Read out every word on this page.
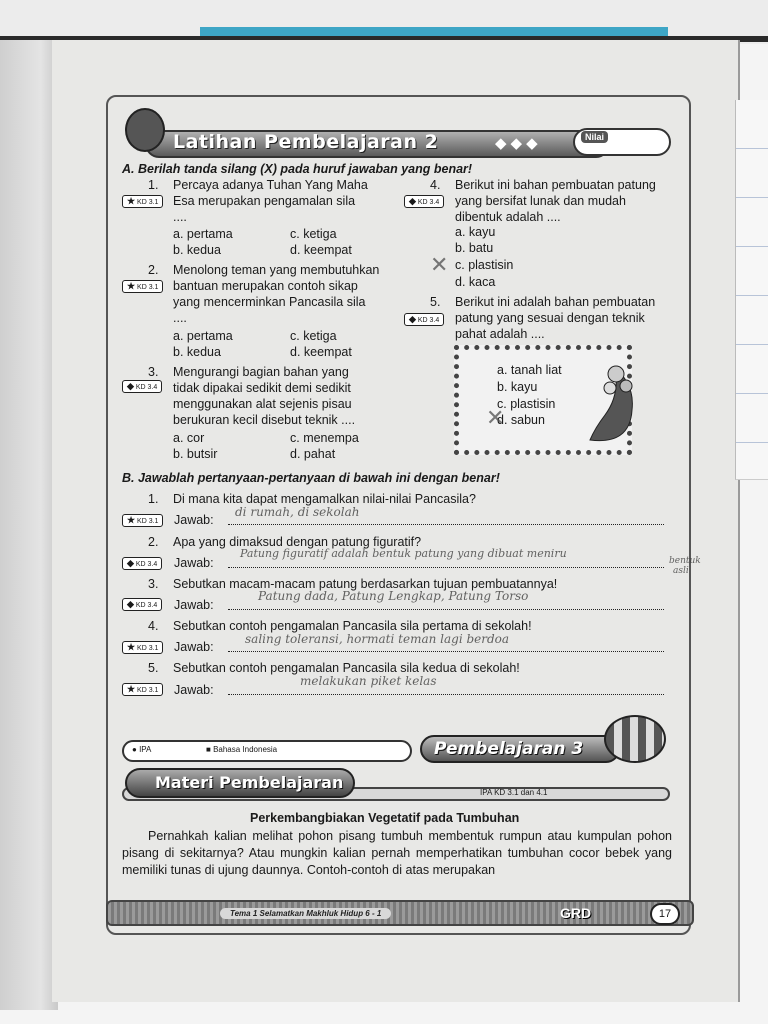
Latihan Pembelajaran 2	◆◆◆	Nilai
A. Berilah tanda silang (X) pada huruf jawaban yang benar!
1.
★ KD 3.1
Percaya adanya Tuhan Yang Maha
Esa merupakan pengamalan sila
....
a. pertama	c. ketiga
b. kedua	d. keempat
2.
★ KD 3.1
Menolong teman yang membutuhkan
bantuan merupakan contoh sikap
yang mencerminkan Pancasila sila
....
a. pertama	c. ketiga
b. kedua	d. keempat
3.
◆ KD 3.4
Mengurangi bagian bahan yang
tidak dipakai sedikit demi sedikit
menggunakan alat sejenis pisau
berukuran kecil disebut teknik ....
a. cor	c. menempa
b. butsir	d. pahat
4.
◆ KD 3.4
Berikut ini bahan pembuatan patung
yang bersifat lunak dan mudah
dibentuk adalah ....
a. kayu
b. batu
c. plastisin
d. kaca
✕
5.
◆ KD 3.4
Berikut ini adalah bahan pembuatan
patung yang sesuai dengan teknik
pahat adalah ....
a. tanah liat
b. kayu
c. plastisin
d. sabun
✕
B. Jawablah pertanyaan-pertanyaan di bawah ini dengan benar!
1. Di mana kita dapat mengamalkan nilai-nilai Pancasila?
★ KD 3.1	Jawab:
di rumah, di sekolah
2. Apa yang dimaksud dengan patung figuratif?
◆ KD 3.4	Jawab:
Patung figuratif adalah bentuk patung yang dibuat meniru
bentuk
asli
3. Sebutkan macam-macam patung berdasarkan tujuan pembuatannya!
◆ KD 3.4	Jawab:
Patung dada, Patung Lengkap, Patung Torso
4. Sebutkan contoh pengamalan Pancasila sila pertama di sekolah!
★ KD 3.1	Jawab:
saling toleransi, hormati teman lagi berdoa
5. Sebutkan contoh pengamalan Pancasila sila kedua di sekolah!
★ KD 3.1	Jawab:
melakukan piket kelas
● IPA	■ Bahasa Indonesia	Pembelajaran 3
Materi Pembelajaran
IPA KD 3.1 dan 4.1
Perkembangbiakan Vegetatif pada Tumbuhan
Pernahkah kalian melihat pohon pisang tumbuh membentuk rumpun atau kumpulan pohon pisang di sekitarnya? Atau mungkin kalian pernah memperhatikan tumbuhan cocor bebek yang memiliki tunas di ujung daunnya. Contoh-contoh di atas merupakan
Tema 1 Selamatkan Makhluk Hidup 6 - 1	GRD	17
